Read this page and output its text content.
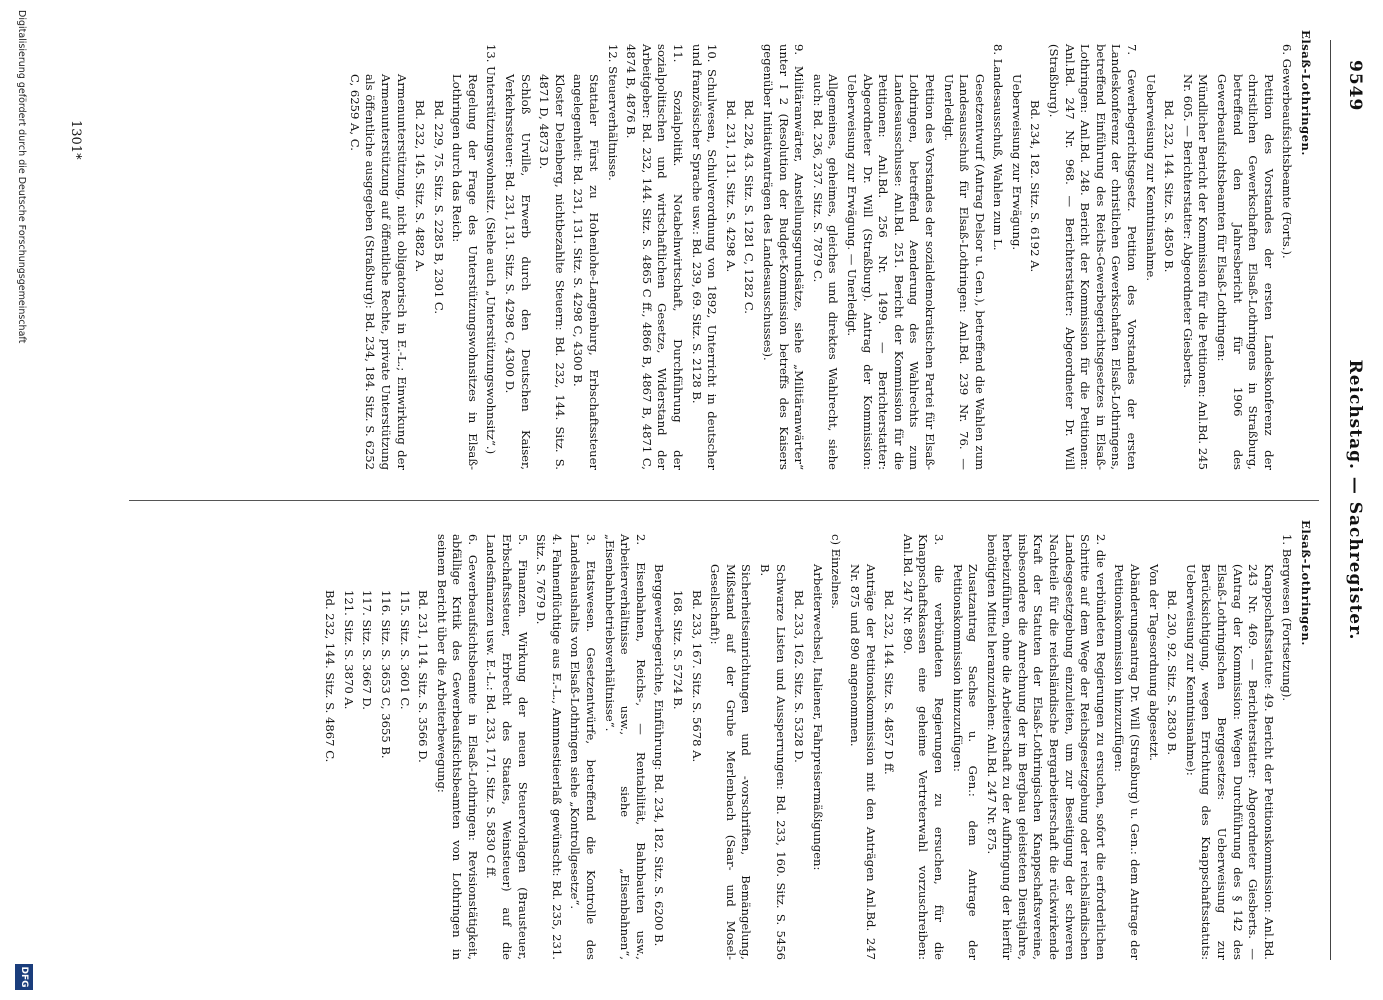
9549
Reichstag. — Sachregister.

Elsaß-Lothringen.

6. Gewerbeaufsichtsbeamte (Forts.).

Petition des Vorstandes der ersten Landeskonferenz der christlichen Gewerkschaften Elsaß-Lothringens in Straßburg, betreffend den Jahresbericht für 1906 des Gewerbeaufsichtsbeamten für Elsaß-Lothringen:

Mündlicher Bericht der Kommission für die Petitionen: Anl.Bd. 245 Nr. 605. — Berichterstatter: Abgeordneter Giesberts.

Bd. 232, 144. Sitz. S. 4850 B.

Ueberweisung zur Kenntnisnahme.

7. Gewerbegerichtsgesetz. Petition des Vorstandes der ersten Landeskonferenz der christlichen Gewerkschaften Elsaß-Lothringens, betreffend Einführung des Reichs-Gewerbegerichtsgesetzes in Elsaß-Lothringen: Anl.Bd. 248. Bericht der Kommission für die Petitionen: Anl.Bd. 247 Nr. 968. — Berichterstatter: Abgeordneter Dr. Will (Straßburg).

Bd. 234, 182. Sitz. S. 6192 A.

Ueberweisung zur Erwägung.

8. Landesausschuß, Wahlen zum L.

Gesetzentwurf (Antrag Delsor u. Gen.), betreffend die Wahlen zum Landesausschuß für Elsaß-Lothringen: Anl.Bd. 239 Nr. 76. — Unerledigt.

Petition des Vorstandes der sozialdemokratischen Partei für Elsaß-Lothringen, betreffend Aenderung des Wahlrechts zum Landesausschusse: Anl.Bd. 251. Bericht der Kommission für die Petitionen: Anl.Bd. 256 Nr. 1499. — Berichterstatter: Abgeordneter Dr. Will (Straßburg). Antrag der Kommission: Ueberweisung zur Erwägung. — Unerledigt.

Allgemeines, geheimes, gleiches und direktes Wahlrecht, siehe auch: Bd. 236, 237. Sitz. S. 7879 C.

9. Militäranwärter, Anstellungsgrundsätze, siehe „Militäranwärter“ unter I 2 (Resolution der Budget-Kommission betreffs des Kaisers gegenüber Initiativanträgen des Landesausschusses).

Bd. 228, 43. Sitz. S. 1281 C, 1282 C.

Bd. 231, 131. Sitz. S. 4298 A.

10. Schulwesen, Schulverordnung von 1892, Unterricht in deutscher und französischer Sprache usw.: Bd. 239, 69. Sitz. S. 2128 B.

11. Sozialpolitik. Notabelnwirtschaft, Durchführung der sozialpolitischen und wirtschaftlichen Gesetze, Widerstand der Arbeitgeber: Bd. 232, 144. Sitz. S. 4865 C ff., 4866 B, 4867 B, 4871 C, 4874 B, 4876 B.

12. Steuerverhältnisse.

Stattaler Fürst zu Hohenlohe-Langenburg, Erbschaftssteuer angelegenheit: Bd. 231, 131. Sitz. S. 4298 C, 4300 B.

Kloster Delenberg, nichtbezahlte Steuern: Bd. 232, 144. Sitz. S. 4871 D, 4873 D.

Schloß Urville, Erwerb durch den Deutschen Kaiser, Verkehrssteuer: Bd. 231, 131. Sitz. S. 4298 C, 4300 D.

13. Unterstützungswohnsitz. (Siehe auch „Unterstützungswohnsitz“.)

Regelung der Frage des Unterstützungswohnsitzes in Elsaß-Lothringen durch das Reich:

Bd. 229, 75. Sitz. S. 2285 B, 2301 C.

Bd. 232, 145. Sitz. S. 4882 A.

Armenunterstützung, nicht obligatorisch in E.-L.; Einwirkung der Armenunterstützung auf öffentliche Rechte, private Unterstützung als öffentliche ausgegeben (Straßburg): Bd. 234, 184. Sitz. S. 6252 C, 6259 A, C.

Elsaß-Lothringen.

1. Bergwesen (Fortsetzung).

Knappschaftsstatute: 49. Bericht der Petitionskommission: Anl.Bd. 243 Nr. 469. — Berichterstatter: Abgeordneter Giesberts. — (Antrag der Kommission: Wegen Durchführung des § 142 des Elsaß-Lothringischen Berggesetzes: Ueberweisung zur Berücksichtigung, wegen Errichtung des Knappschaftsstatuts: Ueberweisung zur Kenntnisnahme):

Bd. 230, 92. Sitz. S. 2830 B.

Von der Tagesordnung abgesetzt.

Abänderungsantrag Dr. Will (Straßburg) u. Gen.: dem Antrage der Petitionskommission hinzuzufügen:

2. die verbündeten Regierungen zu ersuchen, sofort die erforderlichen Schritte auf dem Wege der Reichsgesetzgebung oder reichsländischen Landesgesetzgebung einzuleiten, um zur Beseitigung der schweren Nachteile für die reichsländische Bergarbeiterschaft die rückwirkende Kraft der Statuten der Elsaß-Lothringischen Knappschaftsvereine, insbesondere die Anrechnung der im Bergbau geleisteten Dienstjahre, herbeizuführen, ohne die Arbeiterschaft zu der Aufbringung der hierfür benötigten Mittel heranzuziehen: Anl.Bd. 247 Nr. 875.

Zusatzantrag Sachse u. Gen.: dem Antrage der Petitionskommission hinzuzufügen:

3. die verbündeten Regierungen zu ersuchen, für die Knappschaftskassen eine geheime Vertreterwahl vorzuschreiben: Anl.Bd. 247 Nr. 890.

Bd. 232, 144. Sitz. S. 4857 D ff.

Anträge der Petitionskommission mit den Anträgen Anl.Bd. 247 Nr. 875 und 890 angenommen.

c) Einzelnes.

Arbeiterwechsel, Italiener, Fahrpreisermäßigungen:

Bd. 233, 162. Sitz. S. 5328 D.

Schwarze Listen und Aussperrungen: Bd. 233, 160. Sitz. S. 5456 B.

Sicherheitseinrichtungen und -vorschriften, Bemängelung, Mißstand auf der Grube Merlenbach (Saar- und Mosel-Gesellschaft):

Bd. 233, 167. Sitz. S. 5678 A.

168. Sitz. S. 5724 B.

Berggewerbegerichte, Einführung: Bd. 234, 182. Sitz. S. 6200 B.

2. Eisenbahnen, Reichs-, — Rentabilität, Bahnbauten usw., Arbeiterverhältnisse usw., siehe „Eisenbahnen“, „Eisenbahnbetriebsverhältnisse“.

3. Etatswesen. Gesetzentwürfe, betreffend die Kontrolle des Landeshaushalts von Elsaß-Lothringen siehe „Kontrollgesetze“.

4. Fahnenflüchtige aus E.-L., Ammnestieerlaß gewünscht: Bd. 235, 231. Sitz. S. 7679 D.

5. Finanzen. Wirkung der neuen Steuervorlagen (Brausteuer, Erbschaftssteuer, Erbrecht des Staates, Weinsteuer) auf die Landesfinanzen usw. E.-L.: Bd. 233, 171. Sitz. S. 5830 C ff.

6. Gewerbeaufsichtsbeamte in Elsaß-Lothringen: Revisionstätigkeit, abfällige Kritik des Gewerbeaufsichtsbeamten von Lothringen in seinem Bericht über die Arbeiterbewegung:

Bd. 231, 114. Sitz. S. 3566 D.

115. Sitz. S. 3601 C.

116. Sitz. S. 3653 C, 3655 B.

117. Sitz. S. 3667 D.

121. Sitz. S. 3870 A.

Bd. 232, 144. Sitz. S. 4867 C.

1301*
Digitalisierung gefördert durch die Deutsche Forschungsgemeinschaft
DFG
